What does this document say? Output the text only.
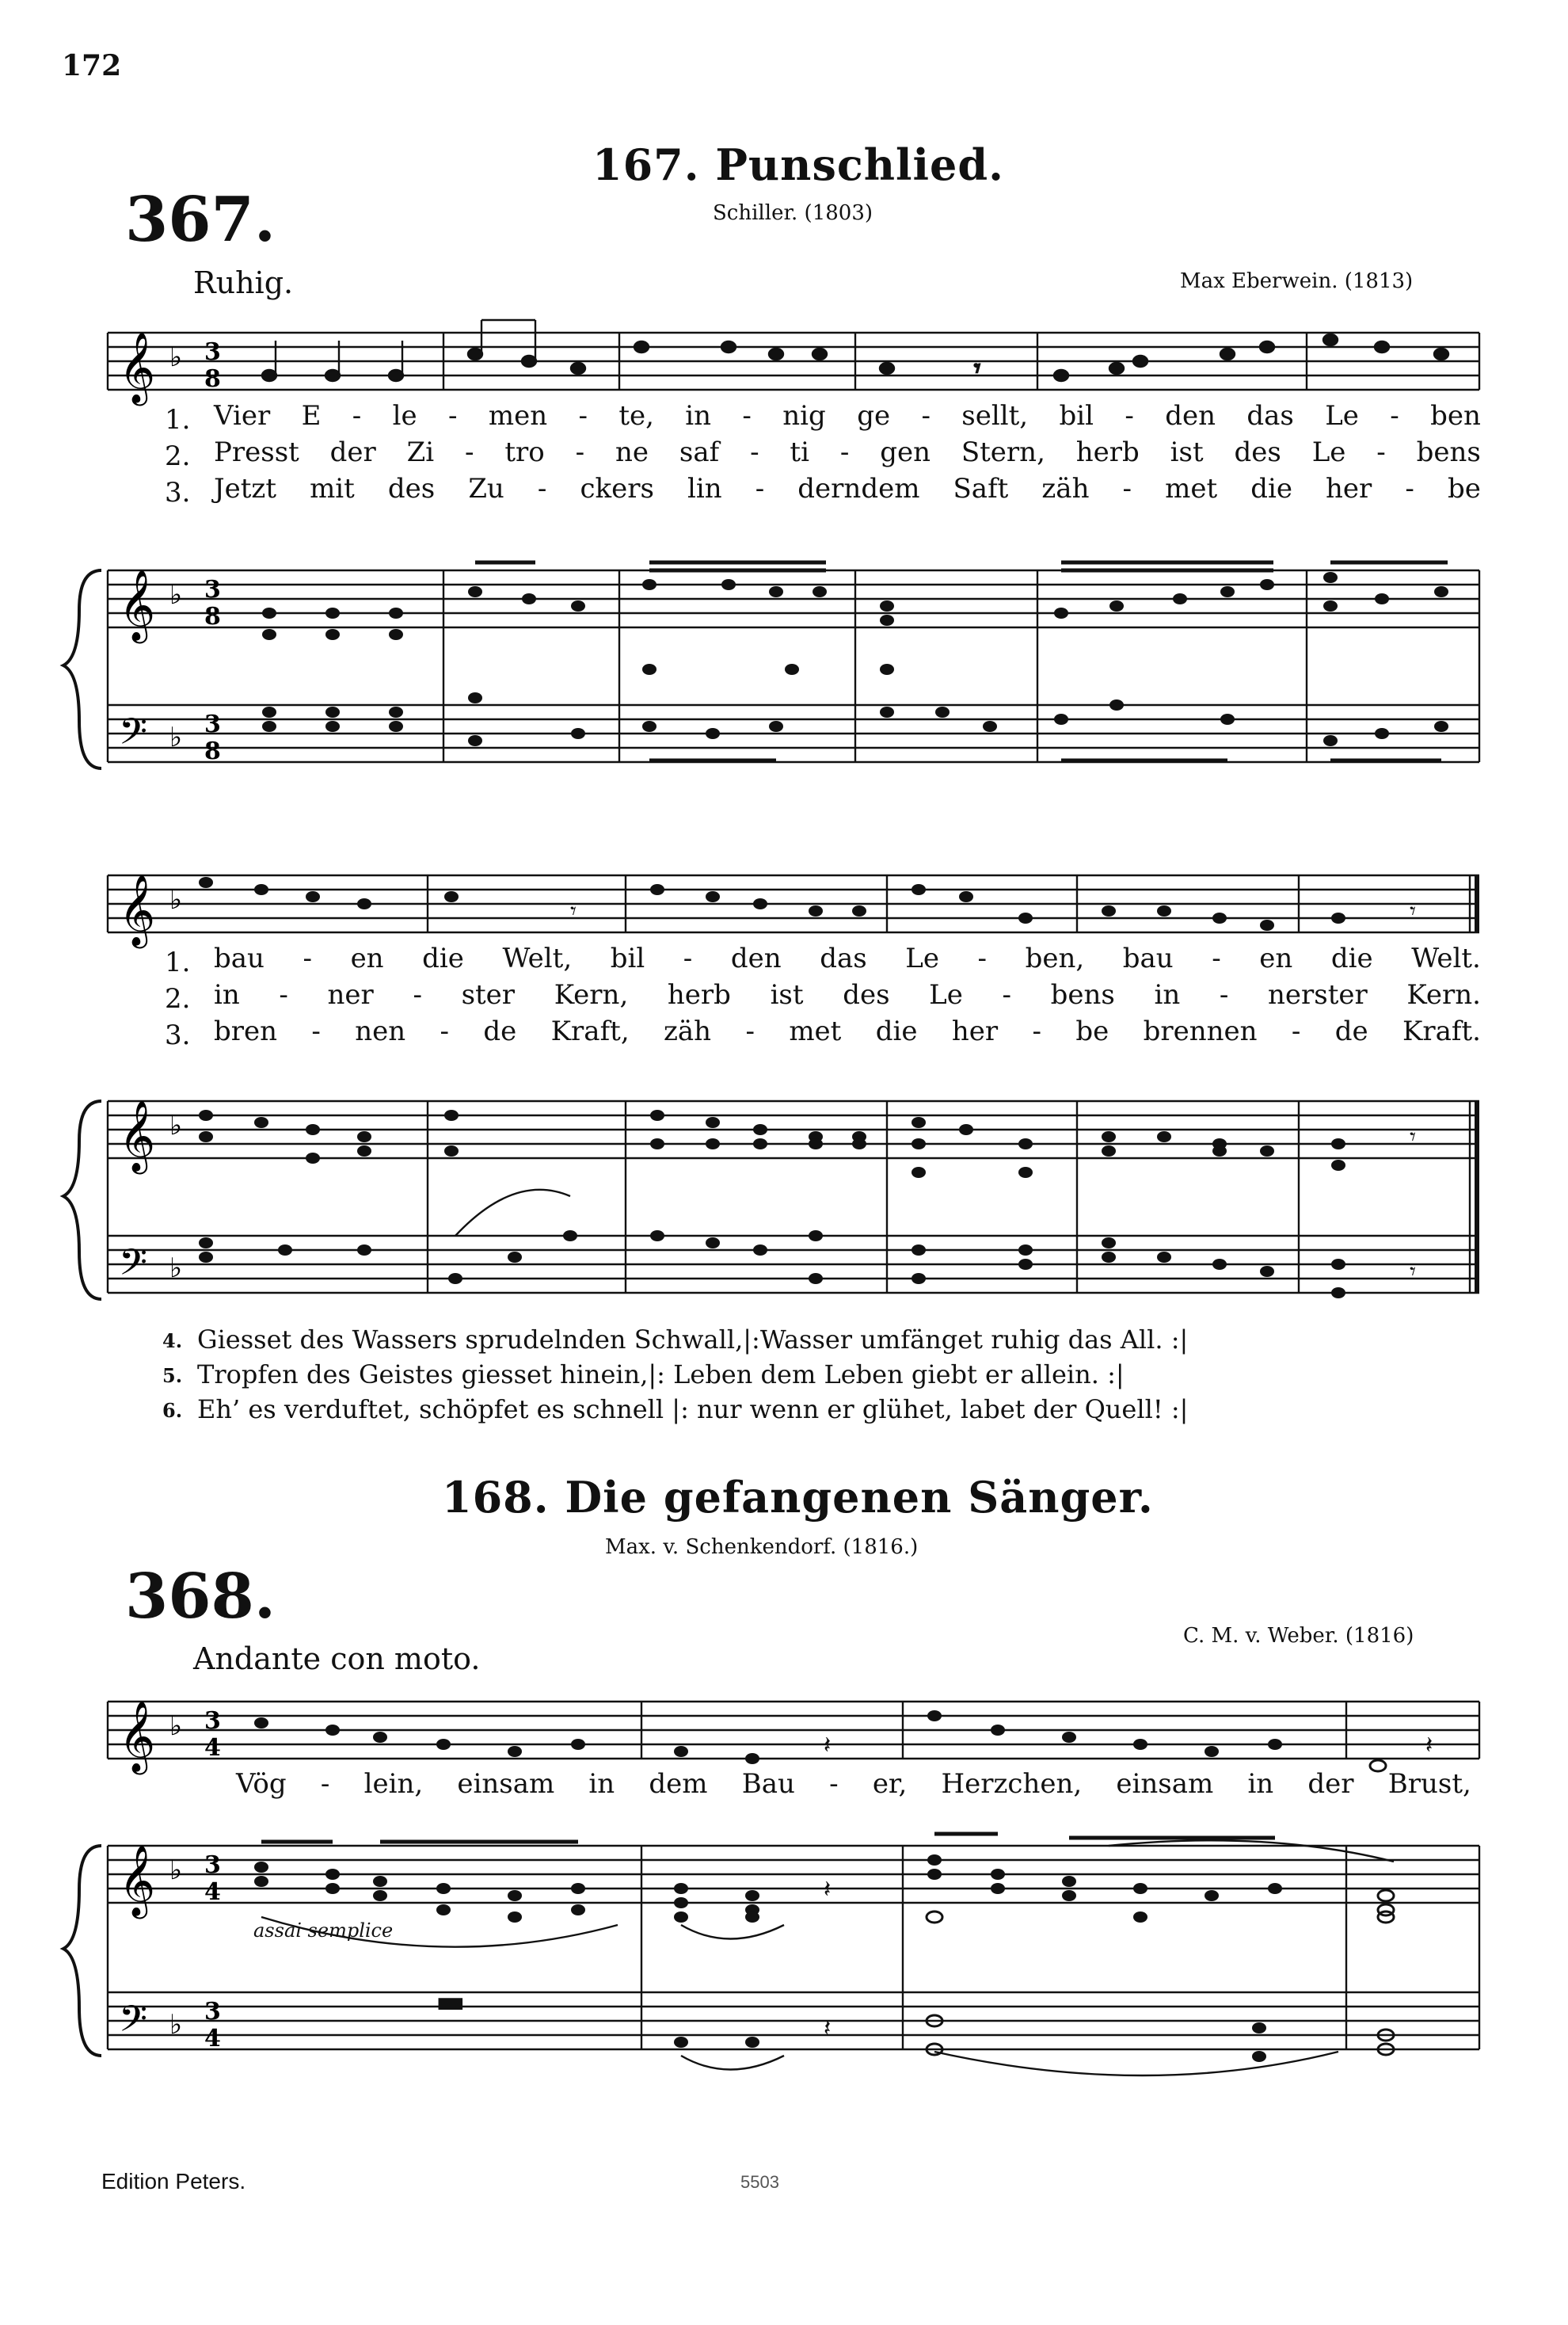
172
167. Punschlied.
367.	Schiller. (1803)
Ruhig.	Max Eberwein. (1813)
𝄞 ♭ 3
8	𝄾
1.
2.
3.
Vier E - le - men - te, in - nig ge - sellt, bil - den das Le - ben
Presst der Zi - tro - ne saf - ti - gen Stern, herb ist des Le - bens
Jetzt mit des Zu - ckers lin - derndem Saft zäh - met die her - be
𝄞
𝄢
♭
♭
3
8
3
8
𝄞 ♭	𝄾	𝄾
1.
2.
3.
bau - en die Welt, bil - den das Le - ben, bau - en die Welt.
in - ner - ster Kern, herb ist des Le - bens in - nerster Kern.
bren - nen - de Kraft, zäh - met die her - be brennen - de Kraft.
𝄞
𝄢
♭
♭
𝄾
𝄾
4. Giesset des Wassers sprudelnden Schwall,|:Wasser umfänget ruhig das All. :|
5. Tropfen des Geistes giesset hinein,|: Leben dem Leben giebt er allein. :|
6. Eh’ es verduftet, schöpfet es schnell |: nur wenn er glühet, labet der Quell! :|
168. Die gefangenen Sänger.
Max. v. Schenkendorf. (1816.)
368.
C. M. v. Weber. (1816)
Andante con moto.
𝄞 ♭ 3
4	𝄽	𝄽
Vög - lein, einsam in dem Bau - er, Herzchen, einsam in der Brust,
𝄞
𝄢
♭
♭
3
4
3
4
assai semplice
▬
𝄽
𝄽
Edition Peters.	5503
